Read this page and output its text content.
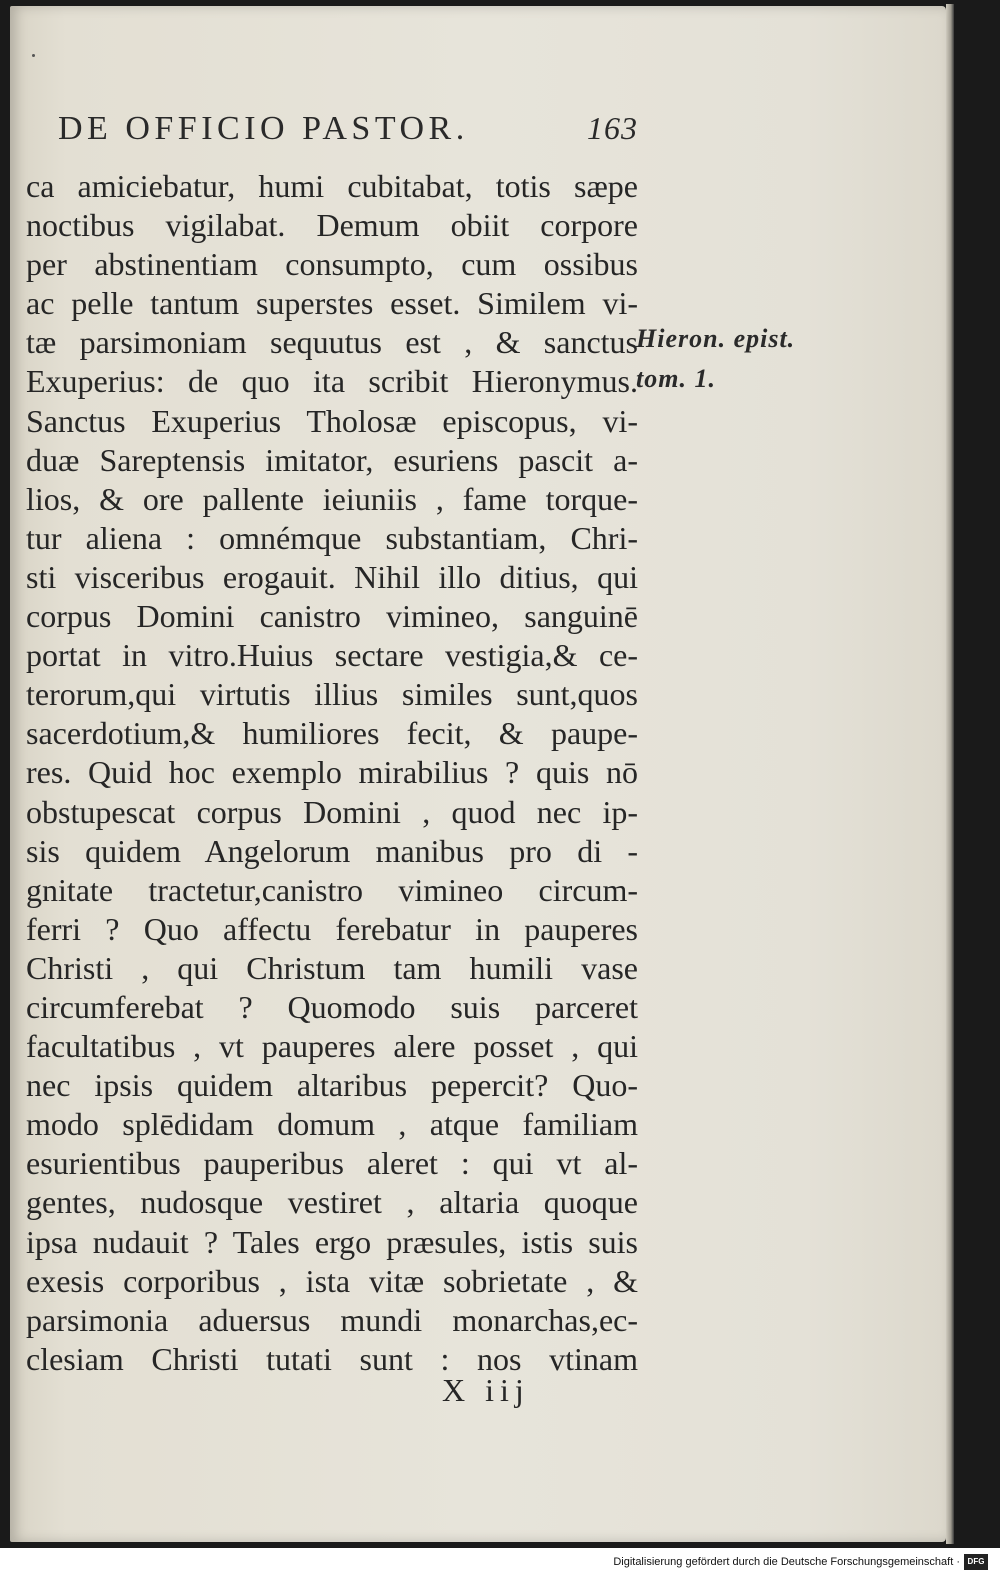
DE OFFICIO PASTOR.	163
ca amiciebatur, humi cubitabat, totis sæpe
noctibus vigilabat. Demum obiit corpore
per abstinentiam consumpto, cum ossibus
ac pelle tantum superstes esset. Similem vi-
tæ parsimoniam sequutus est , & sanctus
Exuperius: de quo ita scribit Hieronymus.
Sanctus Exuperius Tholosæ episcopus, vi-
duæ Sareptensis imitator, esuriens pascit a-
lios, & ore pallente ieiuniis , fame torque-
tur aliena : omnémque substantiam, Chri-
sti visceribus erogauit. Nihil illo ditius, qui
corpus Domini canistro vimineo, sanguinē
portat in vitro.Huius sectare vestigia,& ce-
terorum,qui virtutis illius similes sunt,quos
sacerdotium,& humiliores fecit, & paupe-
res. Quid hoc exemplo mirabilius ? quis nō
obstupescat corpus Domini , quod nec ip-
sis quidem Angelorum manibus pro di -
gnitate tractetur,canistro vimineo circum-
ferri ? Quo affectu ferebatur in pauperes
Christi , qui Christum tam humili vase
circumferebat ? Quomodo suis parceret
facultatibus , vt pauperes alere posset , qui
nec ipsis quidem altaribus pepercit? Quo-
modo splēdidam domum , atque familiam
esurientibus pauperibus aleret : qui vt al-
gentes, nudosque vestiret , altaria quoque
ipsa nudauit ? Tales ergo præsules, istis suis
exesis corporibus , ista vitæ sobrietate , &
parsimonia aduersus mundi monarchas,ec-
clesiam Christi tutati sunt : nos vtinam
Hieron. epist.
tom. 1.
X iij
Digitalisierung gefördert durch die Deutsche Forschungsgemeinschaft · DFG
